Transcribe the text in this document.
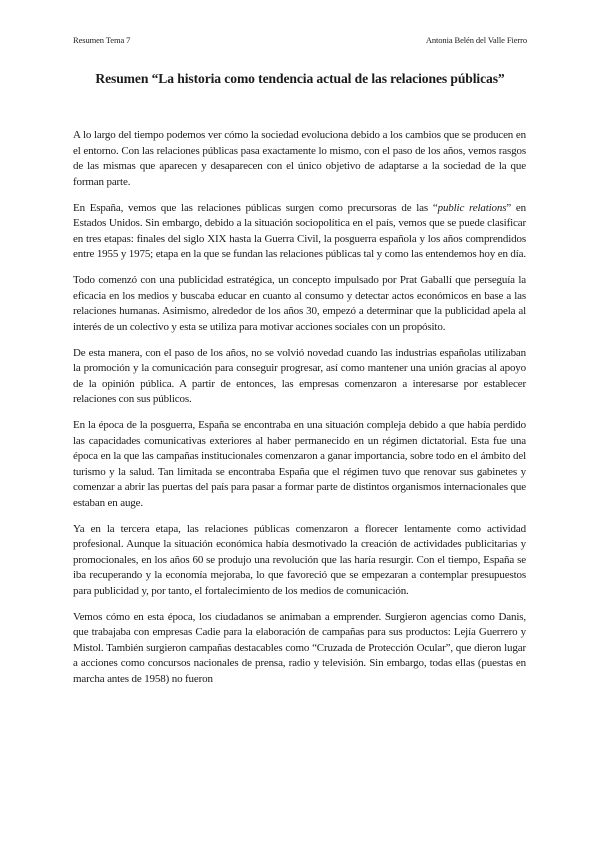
Resumen Tema 7	Antonia Belén del Valle Fierro
Resumen “La historia como tendencia actual de las relaciones públicas”

A lo largo del tiempo podemos ver cómo la sociedad evoluciona debido a los cambios que se producen en el entorno. Con las relaciones públicas pasa exactamente lo mismo, con el paso de los años, vemos rasgos de las mismas que aparecen y desaparecen con el único objetivo de adaptarse a la sociedad de la que forman parte.

En España, vemos que las relaciones públicas surgen como precursoras de las “public relations” en Estados Unidos. Sin embargo, debido a la situación sociopolítica en el país, vemos que se puede clasificar en tres etapas: finales del siglo XIX hasta la Guerra Civil, la posguerra española y los años comprendidos entre 1955 y 1975; etapa en la que se fundan las relaciones públicas tal y como las entendemos hoy en día.

Todo comenzó con una publicidad estratégica, un concepto impulsado por Prat Gaballí que perseguía la eficacia en los medios y buscaba educar en cuanto al consumo y detectar actos económicos en base a las relaciones humanas. Asimismo, alrededor de los años 30, empezó a determinar que la publicidad apela al interés de un colectivo y esta se utiliza para motivar acciones sociales con un propósito.

De esta manera, con el paso de los años, no se volvió novedad cuando las industrias españolas utilizaban la promoción y la comunicación para conseguir progresar, así como mantener una unión gracias al apoyo de la opinión pública. A partir de entonces, las empresas comenzaron a interesarse por establecer relaciones con sus públicos.

En la época de la posguerra, España se encontraba en una situación compleja debido a que había perdido las capacidades comunicativas exteriores al haber permanecido en un régimen dictatorial. Esta fue una época en la que las campañas institucionales comenzaron a ganar importancia, sobre todo en el ámbito del turismo y la salud. Tan limitada se encontraba España que el régimen tuvo que renovar sus gabinetes y comenzar a abrir las puertas del país para pasar a formar parte de distintos organismos internacionales que estaban en auge.

Ya en la tercera etapa, las relaciones públicas comenzaron a florecer lentamente como actividad profesional. Aunque la situación económica había desmotivado la creación de actividades publicitarias y promocionales, en los años 60 se produjo una revolución que las haría resurgir. Con el tiempo, España se iba recuperando y la economía mejoraba, lo que favoreció que se empezaran a contemplar presupuestos para publicidad y, por tanto, el fortalecimiento de los medios de comunicación.

Vemos cómo en esta época, los ciudadanos se animaban a emprender. Surgieron agencias como Danis, que trabajaba con empresas Cadie para la elaboración de campañas para sus productos: Lejía Guerrero y Mistol. También surgieron campañas destacables como “Cruzada de Protección Ocular”, que dieron lugar a acciones como concursos nacionales de prensa, radio y televisión. Sin embargo, todas ellas (puestas en marcha antes de 1958) no fueron
